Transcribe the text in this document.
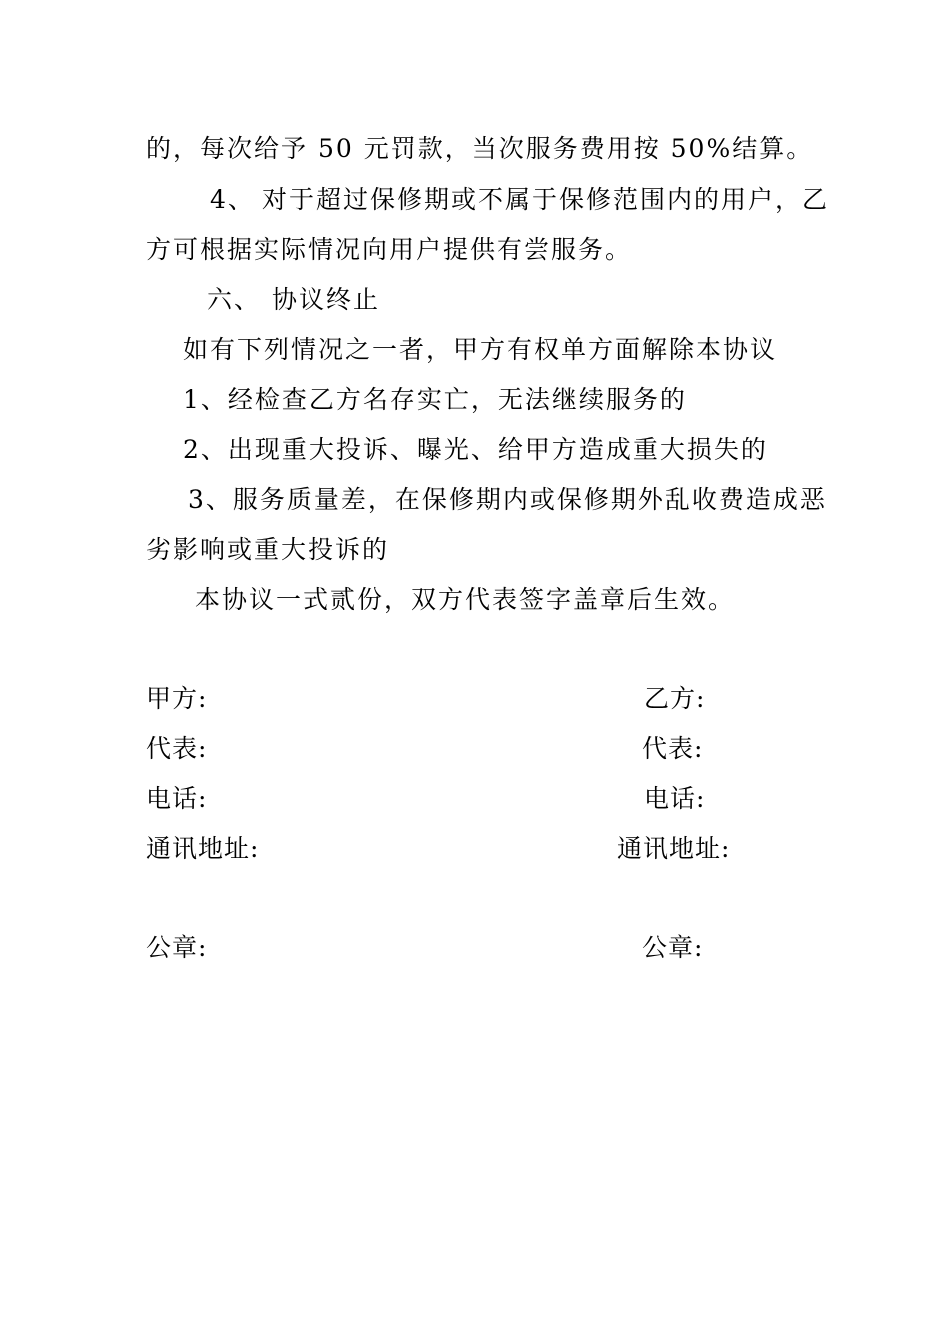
的，每次给予 50 元罚款，当次服务费用按 50%结算。
4、 对于超过保修期或不属于保修范围内的用户，乙
方可根据实际情况向用户提供有尝服务。
六、 协议终止
如有下列情况之一者，甲方有权单方面解除本协议
1、经检查乙方名存实亡，无法继续服务的
2、出现重大投诉、曝光、给甲方造成重大损失的
3、服务质量差，在保修期内或保修期外乱收费造成恶
劣影响或重大投诉的
本协议一式贰份，双方代表签字盖章后生效。
甲方:
代表:
电话:
通讯地址:
公章:
乙方:
代表:
电话:
通讯地址:
公章:
